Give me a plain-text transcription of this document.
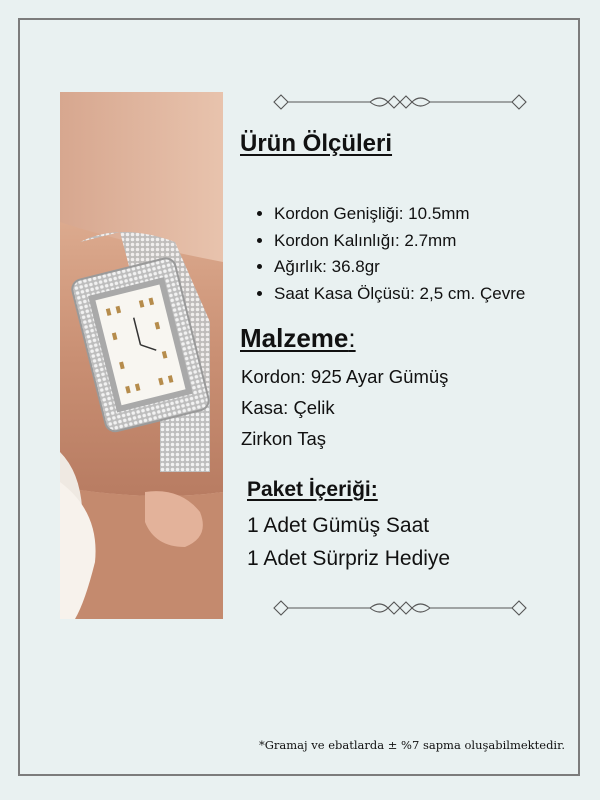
Ürün Ölçüleri
• Kordon Genişliği: 10.5mm
• Kordon Kalınlığı: 2.7mm
• Ağırlık: 36.8gr
• Saat Kasa Ölçüsü: 2,5 cm. Çevre
Malzeme:
Kordon: 925 Ayar Gümüş
Kasa: Çelik
Zirkon Taş
Paket İçeriği:
1 Adet Gümüş Saat
1 Adet Sürpriz Hediye
*Gramaj ve ebatlarda ± %7 sapma oluşabilmektedir.
